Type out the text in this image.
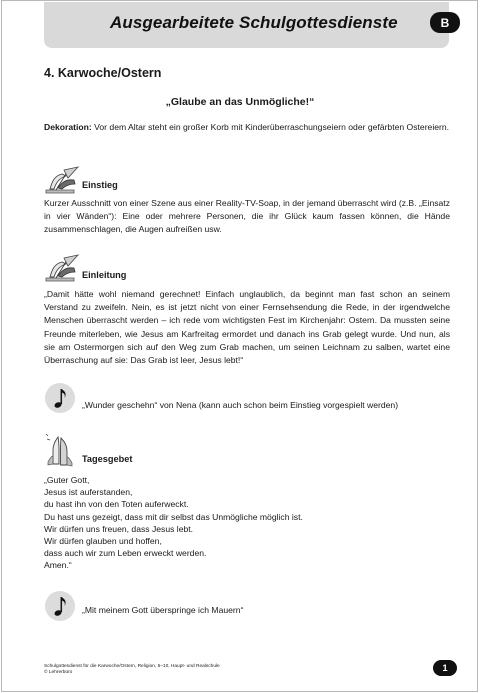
Ausgearbeitete Schulgottesdienste	B
4. Karwoche/Ostern
„Glaube an das Unmögliche!“
Dekoration: Vor dem Altar steht ein großer Korb mit Kinderüberraschungseiern oder gefärbten Ostereiern.
Einstieg
Kurzer Ausschnitt von einer Szene aus einer Reality-TV-Soap, in der jemand überrascht wird (z.B. „Einsatz in vier Wänden“): Eine oder mehrere Personen, die ihr Glück kaum fassen können, die Hände zusammenschlagen, die Augen aufreißen usw.
Einleitung
„Damit hätte wohl niemand gerechnet! Einfach unglaublich, da beginnt man fast schon an seinem Verstand zu zweifeln. Nein, es ist jetzt nicht von einer Fernsehsendung die Rede, in der irgendwelche Menschen überrascht werden – ich rede vom wichtigsten Fest im Kirchenjahr: Ostern. Da mussten seine Freunde miterleben, wie Jesus am Karfreitag ermordet und danach ins Grab gelegt wurde. Und nun, als sie am Ostermorgen sich auf den Weg zum Grab machen, um seinen Leichnam zu salben, wartet eine Überraschung auf sie: Das Grab ist leer, Jesus lebt!“
„Wunder geschehn“ von Nena (kann auch schon beim Einstieg vorgespielt werden)
Tagesgebet
„Guter Gott,
Jesus ist auferstanden,
du hast ihn von den Toten auferweckt.
Du hast uns gezeigt, dass mit dir selbst das Unmögliche möglich ist.
Wir dürfen uns freuen, dass Jesus lebt.
Wir dürfen glauben und hoffen,
dass auch wir zum Leben erweckt werden.
Amen.“
„Mit meinem Gott überspringe ich Mauern“
Schulgottesdienst für die Karwoche/Ostern, Religion, 5–10, Haupt- und Realschule
© Lehrerbüro	1
